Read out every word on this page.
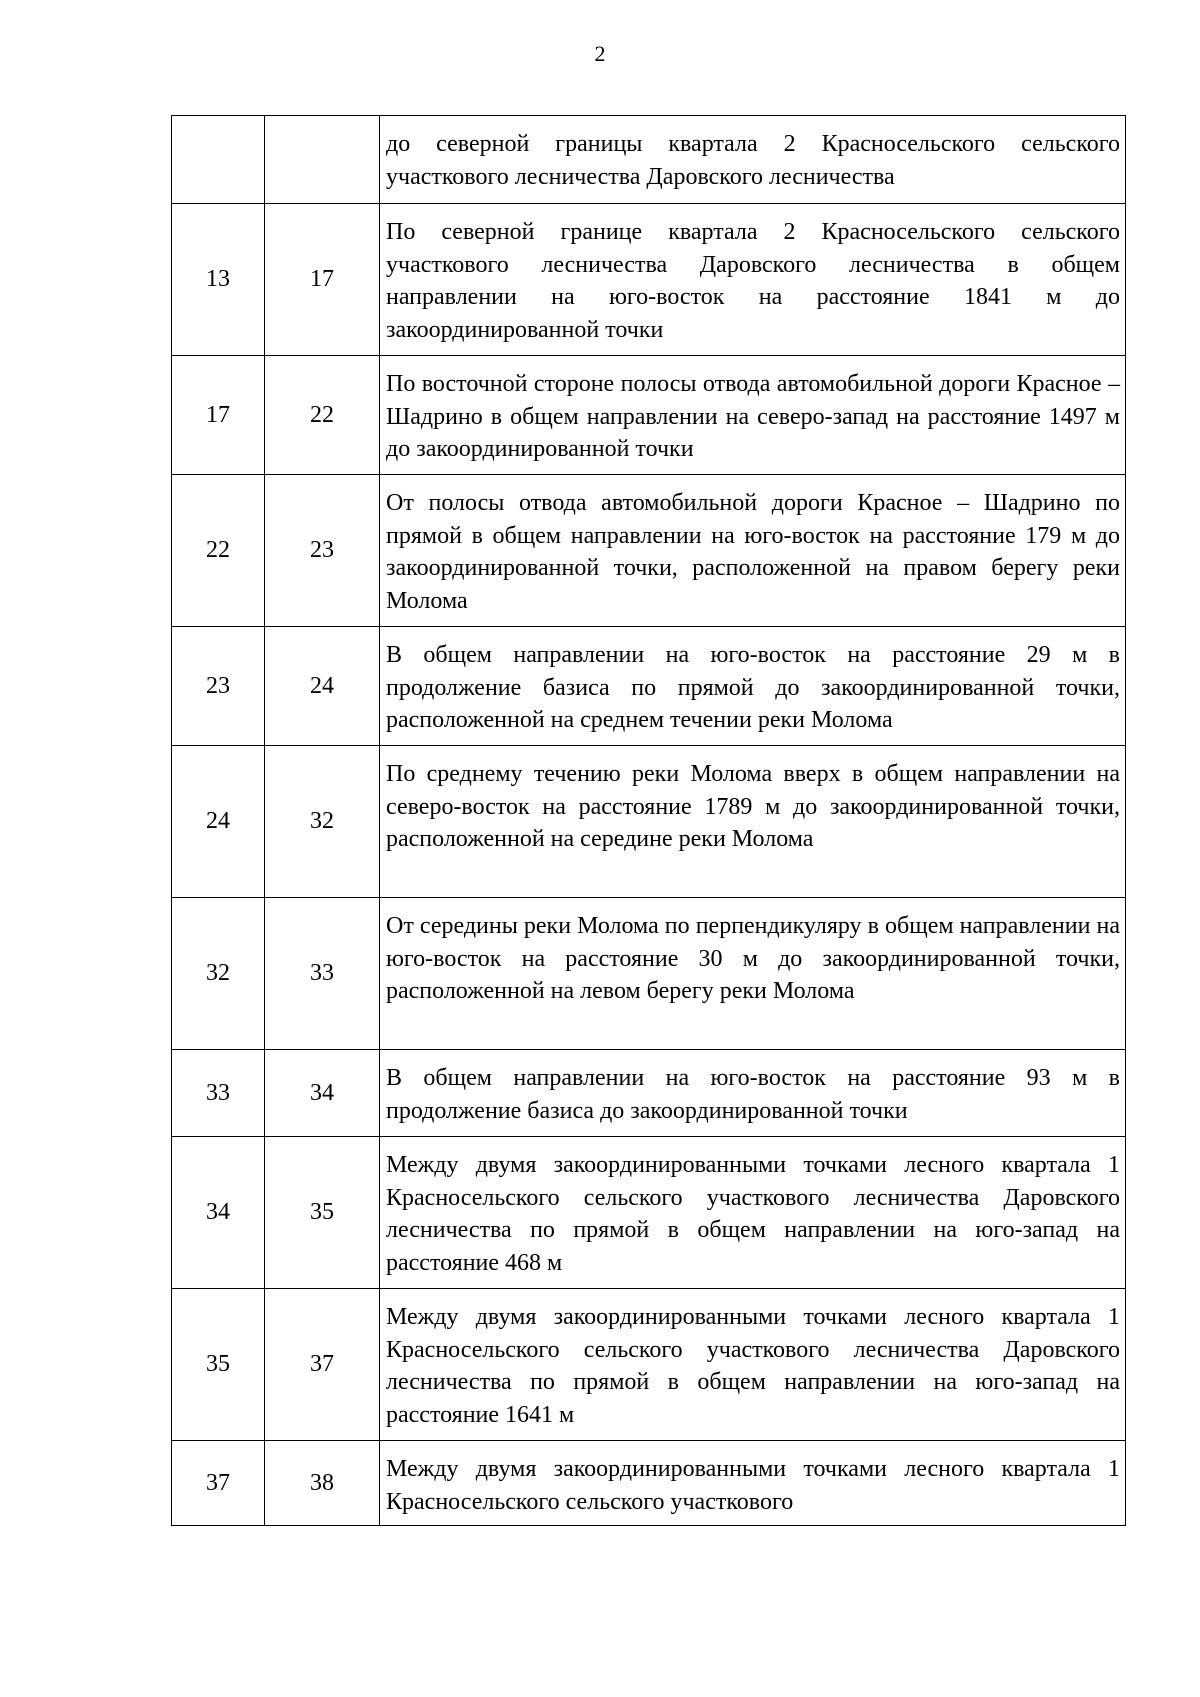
2

		до северной границы квартала 2 Красносельского сельского участкового лесничества Даровского лесничества

13	17	По северной границе квартала 2 Красносельского сельского участкового лесничества Даровского лесничества в общем направлении на юго-восток на расстояние 1841 м до закоординированной точки

17	22	По восточной стороне полосы отвода автомобильной дороги Красное – Шадрино в общем направлении на северо-запад на расстояние 1497 м до закоординированной точки

22	23	От полосы отвода автомобильной дороги Красное – Шадрино по прямой в общем направлении на юго-восток на расстояние 179 м до закоординированной точки, расположенной на правом берегу реки Молома

23	24	В общем направлении на юго-восток на расстояние 29 м в продолжение базиса по прямой до закоординированной точки, расположенной на среднем течении реки Молома

24	32	По среднему течению реки Молома вверх в общем направлении на северо-восток на расстояние 1789 м до закоординированной точки, расположенной на середине реки Молома

32	33	От середины реки Молома по перпендикуляру в общем направлении на юго-восток на расстояние 30 м до закоординированной точки, расположенной на левом берегу реки Молома

33	34	В общем направлении на юго-восток на расстояние 93 м в продолжение базиса до закоординированной точки

34	35	Между двумя закоординированными точками лесного квартала 1 Красносельского сельского участкового лесничества Даровского лесничества по прямой в общем направлении на юго-запад на расстояние 468 м

35	37	Между двумя закоординированными точками лесного квартала 1 Красносельского сельского участкового лесничества Даровского лесничества по прямой в общем направлении на юго-запад на расстояние 1641 м

37	38	Между двумя закоординированными точками лесного квартала 1 Красносельского сельского участкового
